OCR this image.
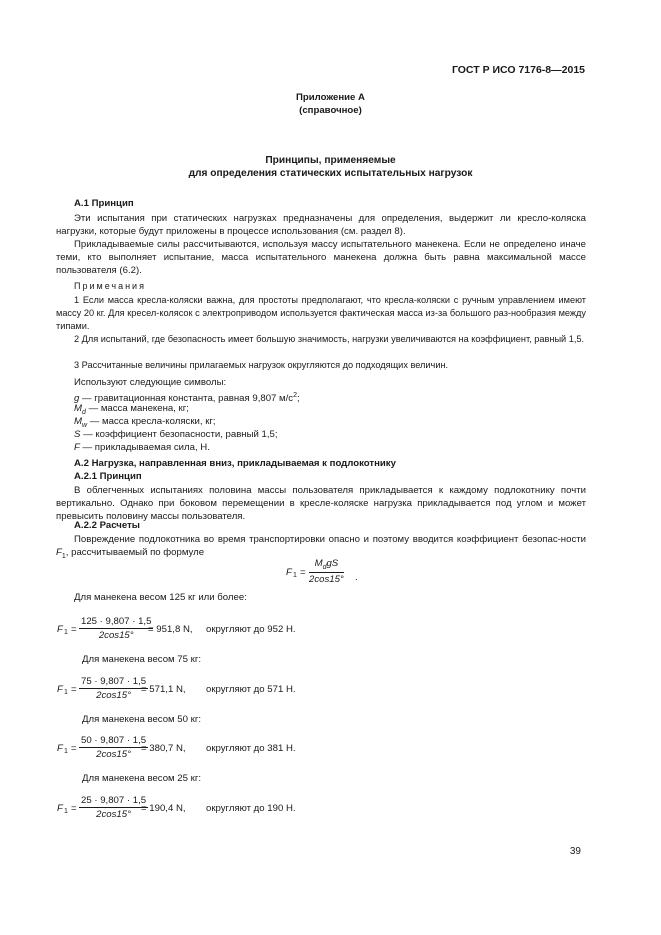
ГОСТ Р ИСО 7176-8—2015
Приложение А
(справочное)
Принципы, применяемые
для определения статических испытательных нагрузок
А.1 Принцип
Эти испытания при статических нагрузках предназначены для определения, выдержит ли кресло-коляска нагрузки, которые будут приложены в процессе использования (см. раздел 8).
Прикладываемые силы рассчитываются, используя массу испытательного манекена. Если не определено иначе теми, кто выполняет испытание, масса испытательного манекена должна быть равна максимальной массе пользователя (6.2).
Примечания
1 Если масса кресла-коляски важна, для простоты предполагают, что кресла-коляски с ручным управлением имеют массу 20 кг. Для кресел-колясок с электроприводом используется фактическая масса из-за большого раз-нообразия между типами.
2 Для испытаний, где безопасность имеет большую значимость, нагрузки увеличиваются на коэффициент, равный 1,5.
3 Рассчитанные величины прилагаемых нагрузок округляются до подходящих величин.
Используют следующие символы:
g — гравитационная константа, равная 9,807 $м/с^2$;
$M_d$ — масса манекена, кг;
$M_w$ — масса кресла-коляски, кг;
S — коэффициент безопасности, равный 1,5;
F — прикладываемая сила, Н.
А.2 Нагрузка, направленная вниз, прикладываемая к подлокотнику
А.2.1 Принцип
В облегченных испытаниях половина массы пользователя прикладывается к каждому подлокотнику почти вертикально. Однако при боковом перемещении в кресле-коляске нагрузка прикладывается под углом и может превысить половину массы пользователя.
А.2.2 Расчеты
Повреждение подлокотника во время транспортировки опасно и поэтому вводится коэффициент безопас-ности $F_1$, рассчитываемый по формуле
F 1 =
$M_dgS$
2cos15° .
Для манекена весом 125 кг или более:
F $1 = \frac{125 \cdot 9,807 \cdot 1,5}{2\cos 15^\circ}$
= 951,8 N, округляют до 952 Н.
Для манекена весом 75 кг:
F $1 = \frac{75 \cdot 9,807 \cdot 1,5}{2\cos 15^\circ}$
= 571,1 N, округляют до 571 Н.
Для манекена весом 50 кг:
F $1 = \frac{50 \cdot 9,807 \cdot 1,5}{2\cos 15^\circ}$
= 380,7 N, округляют до 381 Н.
Для манекена весом 25 кг:
F $1 = \frac{25 \cdot 9,807 \cdot 1,5}{2\cos 15^\circ}$
= 190,4 N, округляют до 190 Н.
39
